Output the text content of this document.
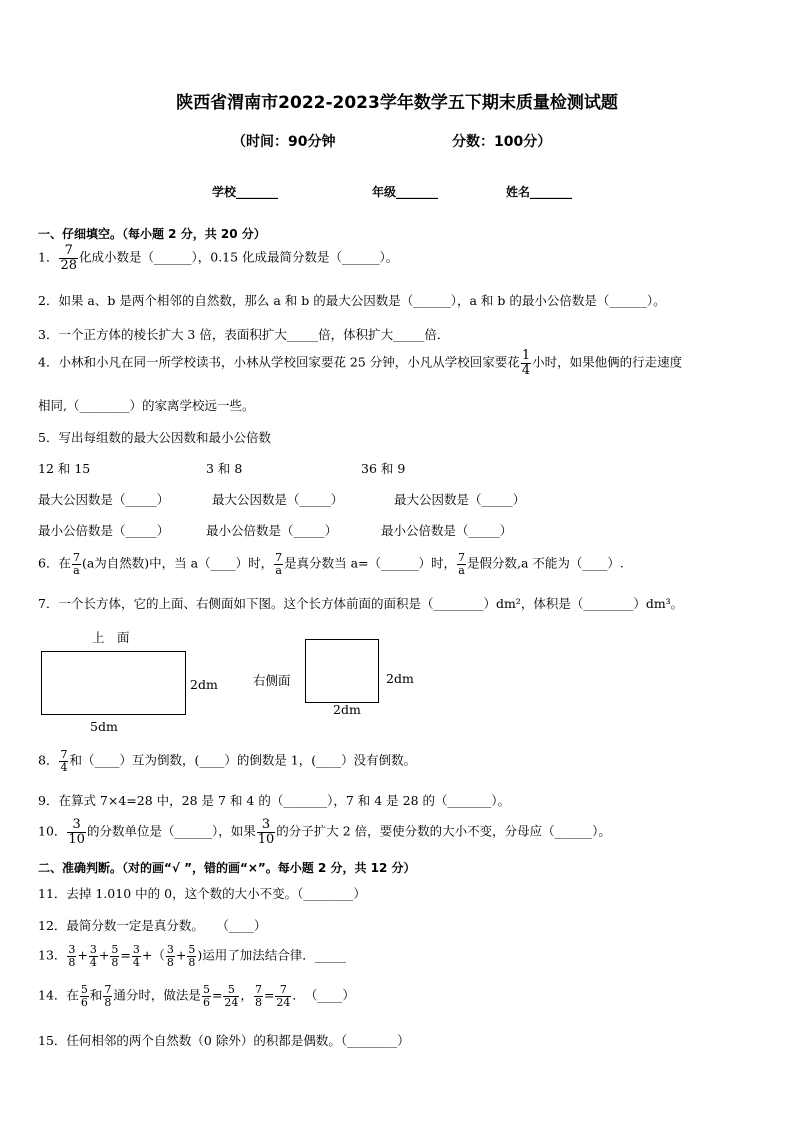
陕西省渭南市2022-2023学年数学五下期末质量检测试题
（时间：90分钟	分数：100分）
学校_______	年级_______	姓名_______
一、仔细填空。（每小题 2 分，共 20 分）
1． $\frac{7}{28}$ 化成小数是（______），0.15 化成最简分数是（______）。
2．如果 a、b 是两个相邻的自然数，那么 a 和 b 的最大公因数是（______），a 和 b 的最小公倍数是（______）。
3．一个正方体的棱长扩大 3 倍，表面积扩大_____倍，体积扩大_____倍．
4．小林和小凡在同一所学校读书，小林从学校回家要花 25 分钟，小凡从学校回家要花 $\frac{1}{4}$ 小时，如果他俩的行走速度
相同,（________）的家离学校远一些。
5．写出每组数的最大公因数和最小公倍数
12 和 15	3 和 8	36 和 9
最大公因数是（_____）	最大公因数是（_____）	最大公因数是（_____）
最小公倍数是（_____）	最小公倍数是（_____）	最小公倍数是（_____）
6．在 $\frac{7}{a} (a$为自然数)中，当 a（____）时， $\frac{7}{a}$ 是真分数当 a=（______）时， $\frac{7}{a}$ 是假分数,a 不能为（____）.
7．一个长方体，它的上面、右侧面如下图。这个长方体前面的面积是（________）dm²，体积是（________）dm³。
上　面
2dm
5dm
右侧面	2dm
2dm
8． $\frac{7}{4}$ 和（____）互为倒数，(____）的倒数是 1，(____）没有倒数。
9．在算式 7×4=28 中，28 是 7 和 4 的（_______），7 和 4 是 28 的（_______）。
10． $\frac{3}{10}$ 的分数单位是（______），如果 $\frac{3}{10}$ 的分子扩大 2 倍，要使分数的大小不变，分母应（______）。
二、准确判断。（对的画“√ ”，错的画“×”。每小题 2 分，共 12 分）
11．去掉 1.010 中的 0，这个数的大小不变。（________）
12．最简分数一定是真分数。　　（____）
13． $\frac{3}{8} + \frac{3}{4} + \frac{5}{8} = \frac{3}{4}$ +（ $\frac{3}{8} + \frac{5}{8}$ )运用了加法结合律．_____
14．在 $\frac{5}{6}$ 和 $\frac{7}{8}$ 通分时，做法是 $\frac{5}{6} = \frac{5}{24}$ ， $\frac{7}{8} = \frac{7}{24}$ ．　（____）
15．任何相邻的两个自然数（0 除外）的积都是偶数。（________）
